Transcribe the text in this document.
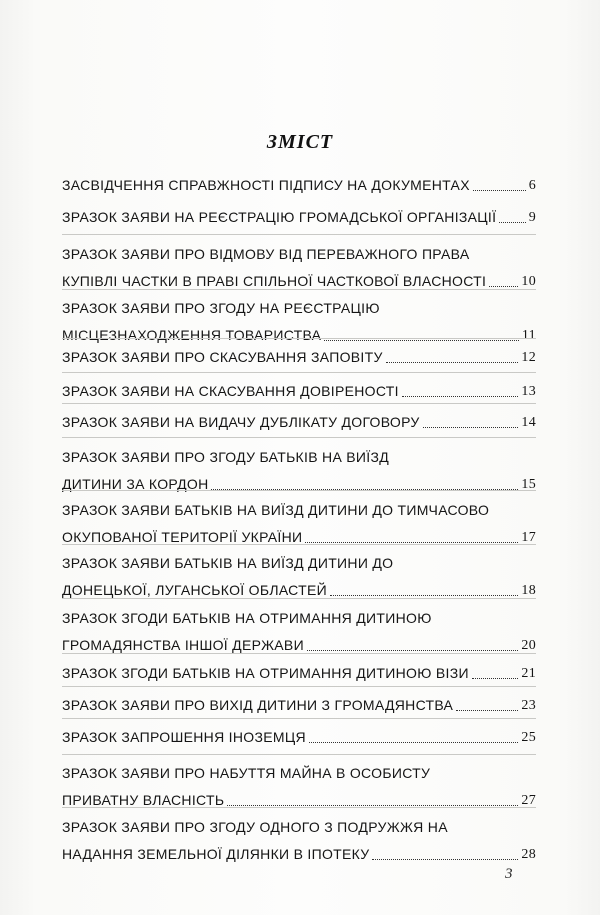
ЗМІСТ
ЗАСВІДЧЕННЯ СПРАВЖНОСТІ ПІДПИСУ НА ДОКУМЕНТАХ	6
ЗРАЗОК ЗАЯВИ НА РЕЄСТРАЦІЮ ГРОМАДСЬКОЇ ОРГАНІЗАЦІЇ 9
ЗРАЗОК ЗАЯВИ ПРО ВІДМОВУ ВІД ПЕРЕВАЖНОГО ПРАВА
КУПІВЛІ ЧАСТКИ В ПРАВІ СПІЛЬНОЇ ЧАСТКОВОЇ ВЛАСНОСТІ	10
ЗРАЗОК ЗАЯВИ ПРО ЗГОДУ НА РЕЄСТРАЦІЮ
МІСЦЕЗНАХОДЖЕННЯ ТОВАРИСТВА	11
ЗРАЗОК ЗАЯВИ ПРО СКАСУВАННЯ ЗАПОВІТУ	12
ЗРАЗОК ЗАЯВИ НА СКАСУВАННЯ ДОВІРЕНОСТІ	13
ЗРАЗОК ЗАЯВИ НА ВИДАЧУ ДУБЛІКАТУ ДОГОВОРУ	14
ЗРАЗОК ЗАЯВИ ПРО ЗГОДУ БАТЬКІВ НА ВИЇЗД
ДИТИНИ ЗА КОРДОН	15
ЗРАЗОК ЗАЯВИ БАТЬКІВ НА ВИЇЗД ДИТИНИ ДО ТИМЧАСОВО
ОКУПОВАНОЇ ТЕРИТОРІЇ УКРАЇНИ	17
ЗРАЗОК ЗАЯВИ БАТЬКІВ НА ВИЇЗД ДИТИНИ ДО
ДОНЕЦЬКОЇ, ЛУГАНСЬКОЇ ОБЛАСТЕЙ	18
ЗРАЗОК ЗГОДИ БАТЬКІВ НА ОТРИМАННЯ ДИТИНОЮ
ГРОМАДЯНСТВА ІНШОЇ ДЕРЖАВИ	20
ЗРАЗОК ЗГОДИ БАТЬКІВ НА ОТРИМАННЯ ДИТИНОЮ ВІЗИ	21
ЗРАЗОК ЗАЯВИ ПРО ВИХІД ДИТИНИ З ГРОМАДЯНСТВА	23
ЗРАЗОК ЗАПРОШЕННЯ ІНОЗЕМЦЯ	25
ЗРАЗОК ЗАЯВИ ПРО НАБУТТЯ МАЙНА В ОСОБИСТУ
ПРИВАТНУ ВЛАСНІСТЬ	27
ЗРАЗОК ЗАЯВИ ПРО ЗГОДУ ОДНОГО З ПОДРУЖЖЯ НА
НАДАННЯ ЗЕМЕЛЬНОЇ ДІЛЯНКИ В ІПОТЕКУ	28
3
